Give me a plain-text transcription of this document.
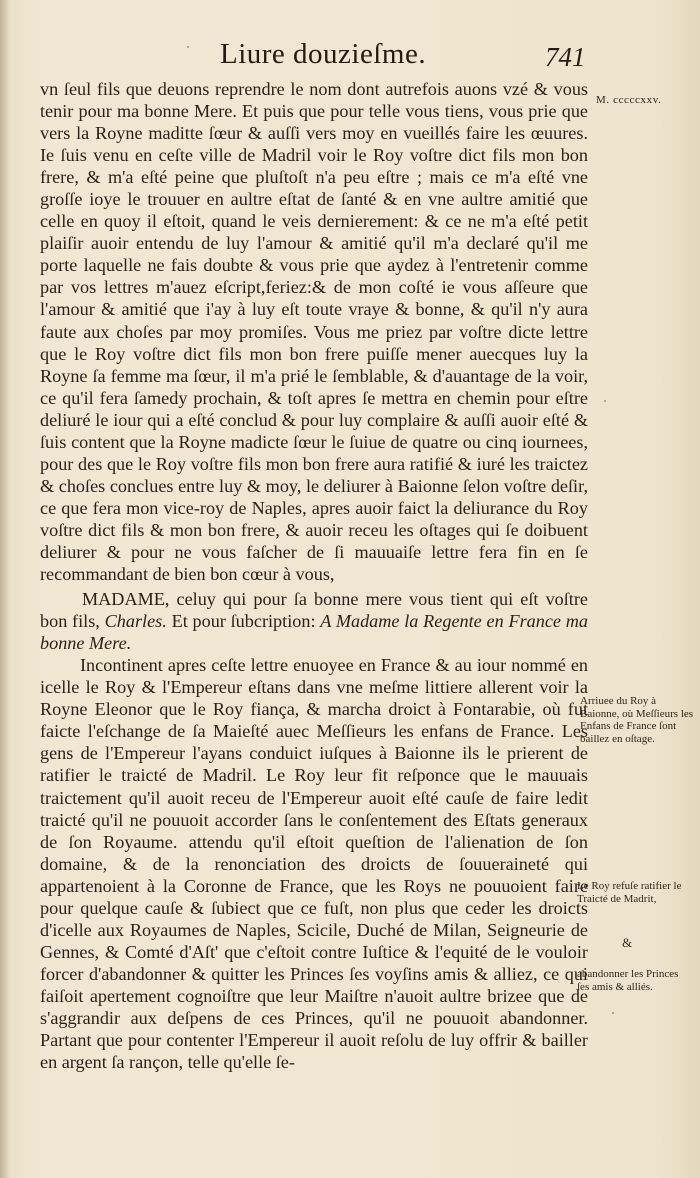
Liure douzieſme.	741
M. cccccxxv.

vn ſeul fils que deuons reprendre le nom dont autrefois auons vzé & vous tenir pour ma bonne Mere. Et puis que pour telle vous tiens, vous prie que vers la Royne maditte ſœur & auſſi vers moy en vueillés faire les œuures. Ie ſuis venu en ceſte ville de Madril voir le Roy voſtre dict fils mon bon frere, & m'a eſté peine que pluſtoſt n'a peu eſtre ; mais ce m'a eſté vne groſſe ioye le trouuer en aultre eſtat de ſanté & en vne aultre amitié que celle en quoy il eſtoit, quand le veis dernierement: & ce ne m'a eſté petit plaiſir auoir entendu de luy l'amour & amitié qu'il m'a declaré qu'il me porte laquelle ne fais doubte & vous prie que aydez à l'entretenir comme par vos lettres m'auez eſcript,feriez:& de mon coſté ie vous aſſeure que l'amour & amitié que i'ay à luy eſt toute vraye & bonne, & qu'il n'y aura faute aux choſes par moy promiſes. Vous me priez par voſtre dicte lettre que le Roy voſtre dict fils mon bon frere puiſſe mener auecques luy la Royne ſa femme ma ſœur, il m'a prié le ſemblable, & d'auantage de la voir, ce qu'il fera ſamedy prochain, & toſt apres ſe mettra en chemin pour eſtre deliuré le iour qui a eſté conclud & pour luy complaire & auſſi auoir eſté & ſuis content que la Royne madicte ſœur le ſuiue de quatre ou cinq iournees, pour des que le Roy voſtre fils mon bon frere aura ratifié & iuré les traictez & choſes conclues entre luy & moy, le deliurer à Baionne ſelon voſtre deſir, ce que fera mon vice-roy de Naples, apres auoir faict la deliurance du Roy voſtre dict fils & mon bon frere, & auoir receu les oſtages qui ſe doibuent deliurer & pour ne vous faſcher de ſi mauuaiſe lettre fera fin en ſe recommandant de bien bon cœur à vous,

MADAME, celuy qui pour ſa bonne mere vous tient qui eſt voſtre bon fils, Charles. Et pour ſubcription: A Madame la Regente en France ma bonne Mere.

Incontinent apres ceſte lettre enuoyee en France & au iour nommé en icelle le Roy & l'Empereur eſtans dans vne meſme littiere allerent voir la Royne Eleonor que le Roy fiança, & marcha droict à Fontarabie, où fut faicte l'eſchange de ſa Maieſté auec Meſſieurs les enfans de France. Les gens de l'Empereur l'ayans conduict iuſques à Baionne ils le prierent de ratifier le traicté de Madril. Le Roy leur fit reſponce que le mauuais traictement qu'il auoit receu de l'Empereur auoit eſté cauſe de faire ledit traicté qu'il ne pouuoit accorder ſans le conſentement des Eſtats generaux de ſon Royaume. attendu qu'il eſtoit queſtion de l'alienation de ſon domaine, & de la renonciation des droicts de ſouueraineté qui appartenoient à la Coronne de France, que les Roys ne pouuoient faire pour quelque cauſe & ſubiect que ce fuſt, non plus que ceder les droicts d'icelle aux Royaumes de Naples, Scicile, Duché de Milan, Seigneurie de Gennes, & Comté d'Aſt' que c'eſtoit contre Iuſtice & l'equité de le vouloir forcer d'abandonner & quitter les Princes ſes voyſins amis & alliez, ce qui faiſoit apertement cognoiſtre que leur Maiſtre n'auoit aultre brizee que de s'aggrandir aux deſpens de ces Princes, qu'il ne pouuoit abandonner. Partant que pour contenter l'Empereur il auoit reſolu de luy offrir & bailler en argent ſa rançon, telle qu'elle ſe-

Arriuee du Roy à Baionne, où Meſſieurs les Enfans de France ſont baillez en oſtage.
Le Roy refuſe ratifier le Traicté de Madrit,
&
abandonner les Princes ſes amis & alliés.
